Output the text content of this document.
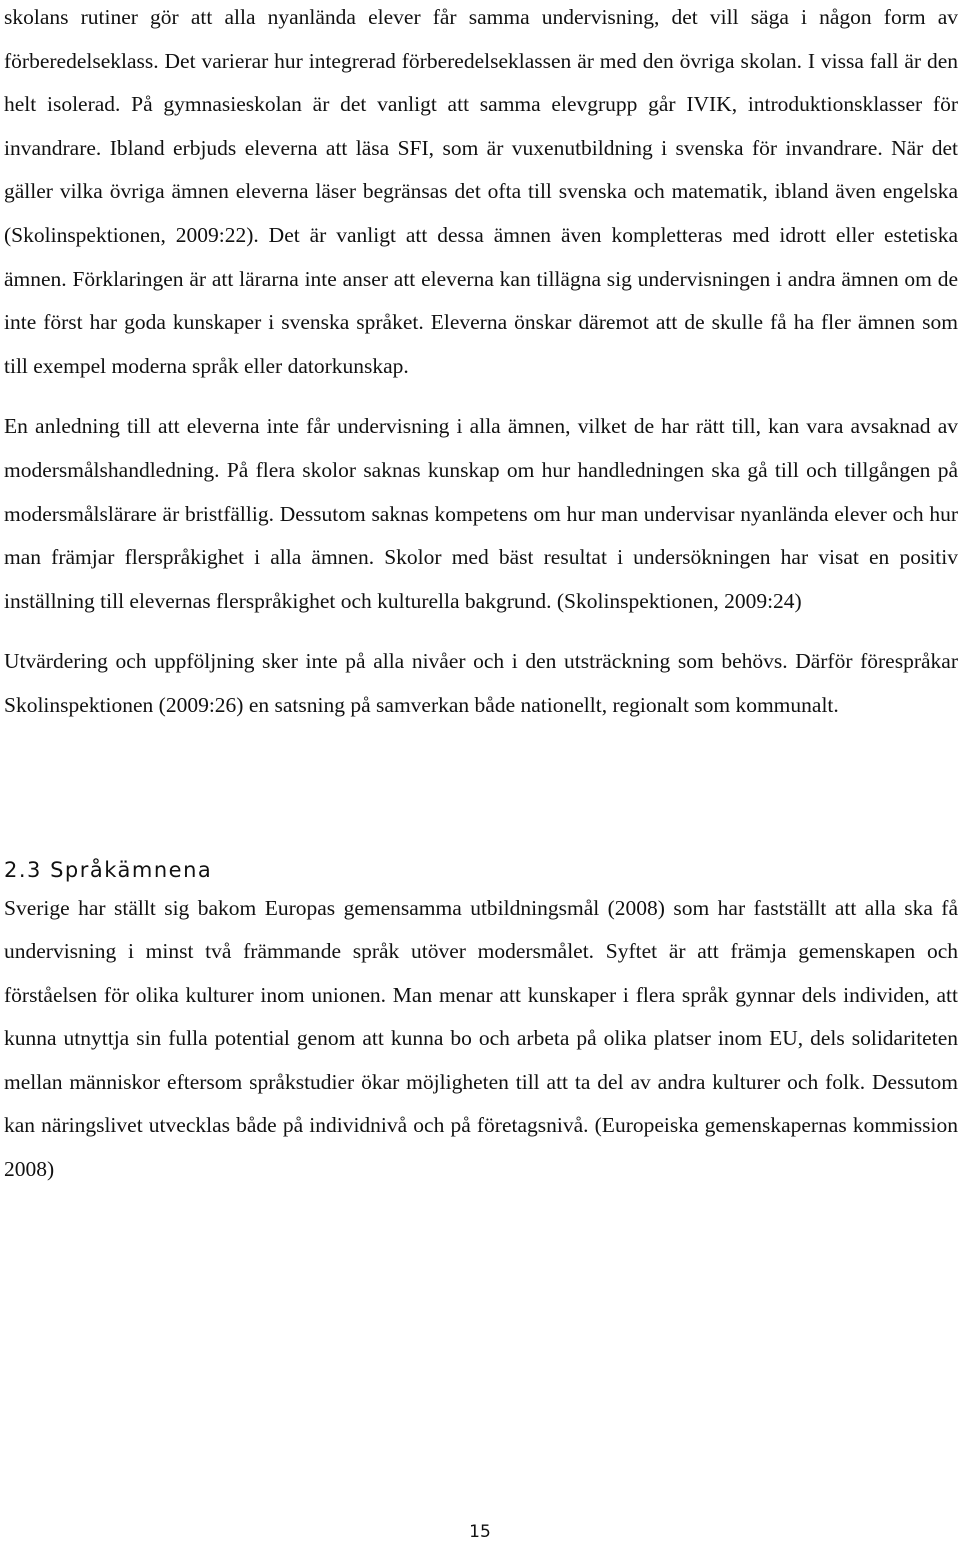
skolans rutiner gör att alla nyanlända elever får samma undervisning, det vill säga i någon form av förberedelseklass. Det varierar hur integrerad förberedelseklassen är med den övriga skolan. I vissa fall är den helt isolerad. På gymnasieskolan är det vanligt att samma elevgrupp går IVIK, introduktionsklasser för invandrare. Ibland erbjuds eleverna att läsa SFI, som är vuxenutbildning i svenska för invandrare. När det gäller vilka övriga ämnen eleverna läser begränsas det ofta till svenska och matematik, ibland även engelska (Skolinspektionen, 2009:22). Det är vanligt att dessa ämnen även kompletteras med idrott eller estetiska ämnen. Förklaringen är att lärarna inte anser att eleverna kan tillägna sig undervisningen i andra ämnen om de inte först har goda kunskaper i svenska språket. Eleverna önskar däremot att de skulle få ha fler ämnen som till exempel moderna språk eller datorkunskap.

En anledning till att eleverna inte får undervisning i alla ämnen, vilket de har rätt till, kan vara avsaknad av modersmålshandledning. På flera skolor saknas kunskap om hur handledningen ska gå till och tillgången på modersmålslärare är bristfällig. Dessutom saknas kompetens om hur man undervisar nyanlända elever och hur man främjar flerspråkighet i alla ämnen. Skolor med bäst resultat i undersökningen har visat en positiv inställning till elevernas flerspråkighet och kulturella bakgrund. (Skolinspektionen, 2009:24)

Utvärdering och uppföljning sker inte på alla nivåer och i den utsträckning som behövs. Därför förespråkar Skolinspektionen (2009:26) en satsning på samverkan både nationellt, regionalt som kommunalt.

2.3 Språkämnena

Sverige har ställt sig bakom Europas gemensamma utbildningsmål (2008) som har fastställt att alla ska få undervisning i minst två främmande språk utöver modersmålet. Syftet är att främja gemenskapen och förståelsen för olika kulturer inom unionen. Man menar att kunskaper i flera språk gynnar dels individen, att kunna utnyttja sin fulla potential genom att kunna bo och arbeta på olika platser inom EU, dels solidariteten mellan människor eftersom språkstudier ökar möjligheten till att ta del av andra kulturer och folk. Dessutom kan näringslivet utvecklas både på individnivå och på företagsnivå. (Europeiska gemenskapernas kommission 2008)

15
